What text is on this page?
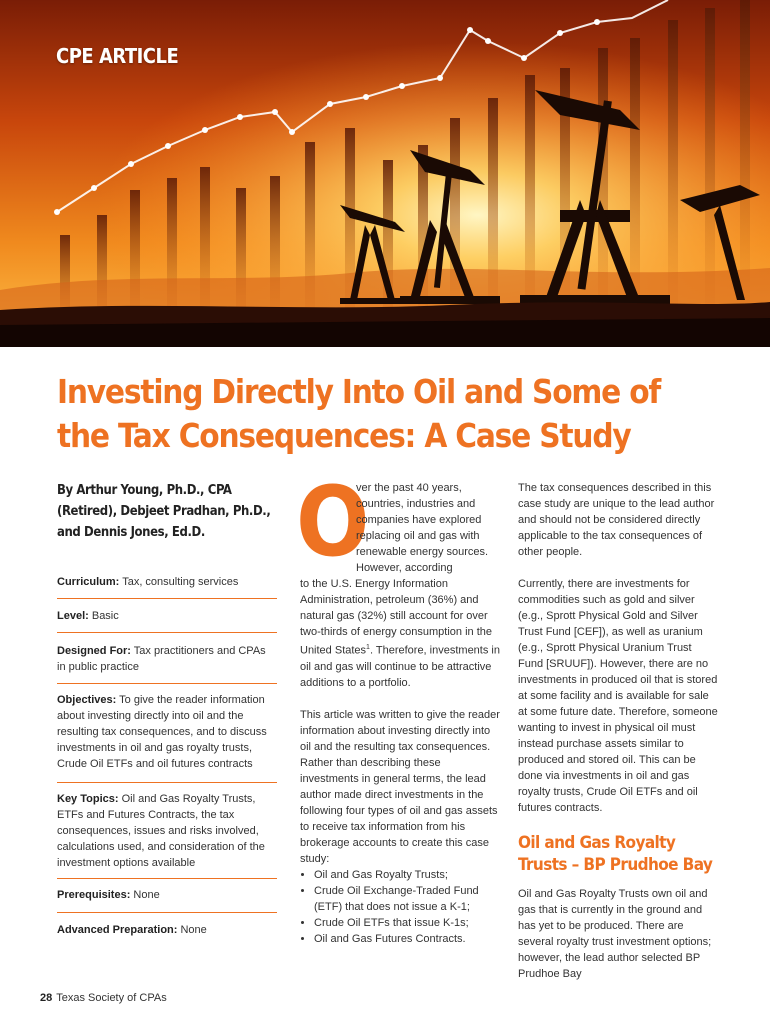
CPE ARTICLE
Investing Directly Into Oil and Some of the Tax Consequences: A Case Study

By Arthur Young, Ph.D., CPA (Retired), Debjeet Pradhan, Ph.D., and Dennis Jones, Ed.D.

Curriculum: Tax, consulting services
Level: Basic
Designed For: Tax practitioners and CPAs in public practice
Objectives: To give the reader information about investing directly into oil and the resulting tax consequences, and to discuss investments in oil and gas royalty trusts, Crude Oil ETFs and oil futures contracts
Key Topics: Oil and Gas Royalty Trusts, ETFs and Futures Contracts, the tax consequences, issues and risks involved, calculations used, and consideration of the investment options available
Prerequisites: None
Advanced Preparation: None
O

ver the past 40 years,

countries, industries and

companies have explored

replacing oil and gas with

renewable energy sources.

However, according

to the U.S. Energy Information Administration, petroleum (36%) and natural gas (32%) still account for over two-thirds of energy consumption in the United States$^1$. Therefore, investments in oil and gas will continue to be attractive additions to a portfolio.

This article was written to give the reader information about investing directly into oil and the resulting tax consequences. Rather than describing these investments in general terms, the lead author made direct investments in the following four types of oil and gas assets to receive tax information from his brokerage accounts to create this case study:

• Oil and Gas Royalty Trusts;
• Crude Oil Exchange-Traded Fund (ETF) that does not issue a K-1;
• Crude Oil ETFs that issue K-1s;
• Oil and Gas Futures Contracts.

The tax consequences described in this case study are unique to the lead author and should not be considered directly applicable to the tax consequences of other people.

Currently, there are investments for commodities such as gold and silver (e.g., Sprott Physical Gold and Silver Trust Fund [CEF]), as well as uranium (e.g., Sprott Physical Uranium Trust Fund [SRUUF]). However, there are no investments in produced oil that is stored at some facility and is available for sale at some future date. Therefore, someone wanting to invest in physical oil must instead purchase assets similar to produced and stored oil. This can be done via investments in oil and gas royalty trusts, Crude Oil ETFs and oil futures contracts.

Oil and Gas Royalty Trusts – BP Prudhoe Bay

Oil and Gas Royalty Trusts own oil and gas that is currently in the ground and has yet to be produced. There are several royalty trust investment options; however, the lead author selected BP Prudhoe Bay

28 Texas Society of CPAs
